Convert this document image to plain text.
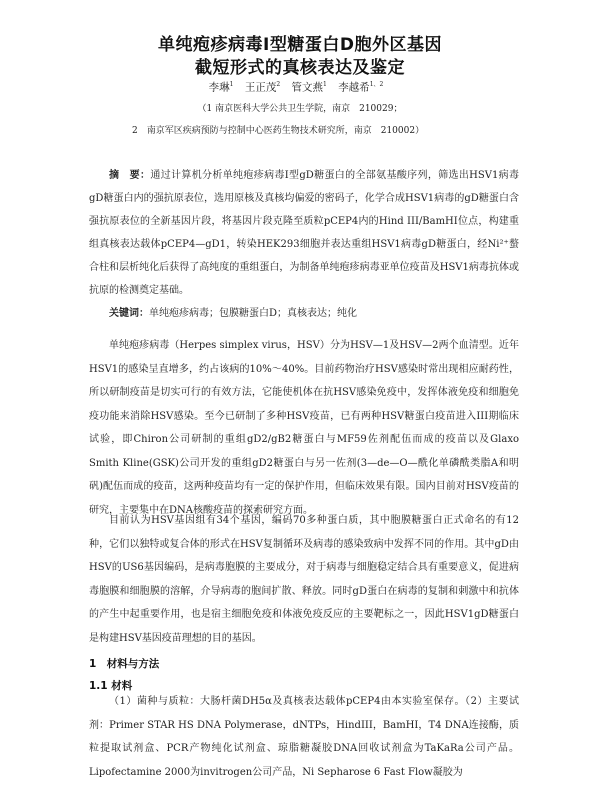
单纯疱疹病毒Ⅰ型糖蛋白D胞外区基因
截短形式的真核表达及鉴定
李琳$^1$ 王正茂$^2$ 管文燕$^1$ 李越希$^{1、2}$
（1 南京医科大学公共卫生学院，南京　210029；
2　南京军区疾病预防与控制中心医药生物技术研究所，南京　210002）
摘　要：通过计算机分析单纯疱疹病毒Ⅰ型gD糖蛋白的全部氨基酸序列，筛选出HSV1病毒gD糖蛋白内的强抗原表位，选用原核及真核均偏爱的密码子，化学合成HSV1病毒的gD糖蛋白含强抗原表位的全新基因片段，将基因片段克隆至质粒pCEP4内的Hind III/BamHI位点，构建重组真核表达载体pCEP4—gD1，转染HEK293细胞并表达重组HSV1病毒gD糖蛋白，经Ni²⁺螯合柱和层析纯化后获得了高纯度的重组蛋白，为制备单纯疱疹病毒亚单位疫苗及HSV1病毒抗体或抗原的检测奠定基础。
关键词：单纯疱疹病毒；包膜糖蛋白D；真核表达；纯化
单纯疱疹病毒（Herpes simplex virus，HSV）分为HSV—1及HSV—2两个血清型。近年HSV1的感染呈直增多，约占该病的10%～40%。目前药物治疗HSV感染时常出现相应耐药性，所以研制疫苗是切实可行的有效方法，它能使机体在抗HSV感染免疫中，发挥体液免疫和细胞免疫功能来消除HSV感染。至今已研制了多种HSV疫苗，已有两种HSV糖蛋白疫苗进入III期临床试验，即Chiron公司研制的重组gD2/gB2糖蛋白与MF59佐剂配伍而成的疫苗以及Glaxo Smith Kline(GSK)公司开发的重组gD2糖蛋白与另一佐剂(3—de—O—酰化单磷酰类脂A和明矾)配伍而成的疫苗，这两种疫苗均有一定的保护作用，但临床效果有限。国内目前对HSV疫苗的研究，主要集中在DNA核酸疫苗的探索研究方面。
目前认为HSV基因组有34个基因，编码70多种蛋白质，其中胞膜糖蛋白正式命名的有12种，它们以独特或复合体的形式在HSV复制循环及病毒的感染致病中发挥不同的作用。其中gD由HSV的US6基因编码，是病毒胞膜的主要成分，对于病毒与细胞稳定结合具有重要意义，促进病毒胞膜和细胞膜的溶解，介导病毒的胞间扩散、释放。同时gD蛋白在病毒的复制和刺激中和抗体的产生中起重要作用，也是宿主细胞免疫和体液免疫反应的主要靶标之一，因此HSV1gD糖蛋白是构建HSV基因疫苗理想的目的基因。
1　材料与方法
1.1 材料
（1）菌种与质粒：大肠杆菌DH5α及真核表达载体pCEP4由本实验室保存。（2）主要试剂：Primer STAR HS DNA Polymerase，dNTPs，HindIII，BamHI，T4 DNA连接酶，质粒提取试剂盒、PCR产物纯化试剂盒、琼脂糖凝胶DNA回收试剂盒为TaKaRa公司产品。Lipofectamine 2000为invitrogen公司产品，Ni Sepharose 6 Fast Flow凝胶为
